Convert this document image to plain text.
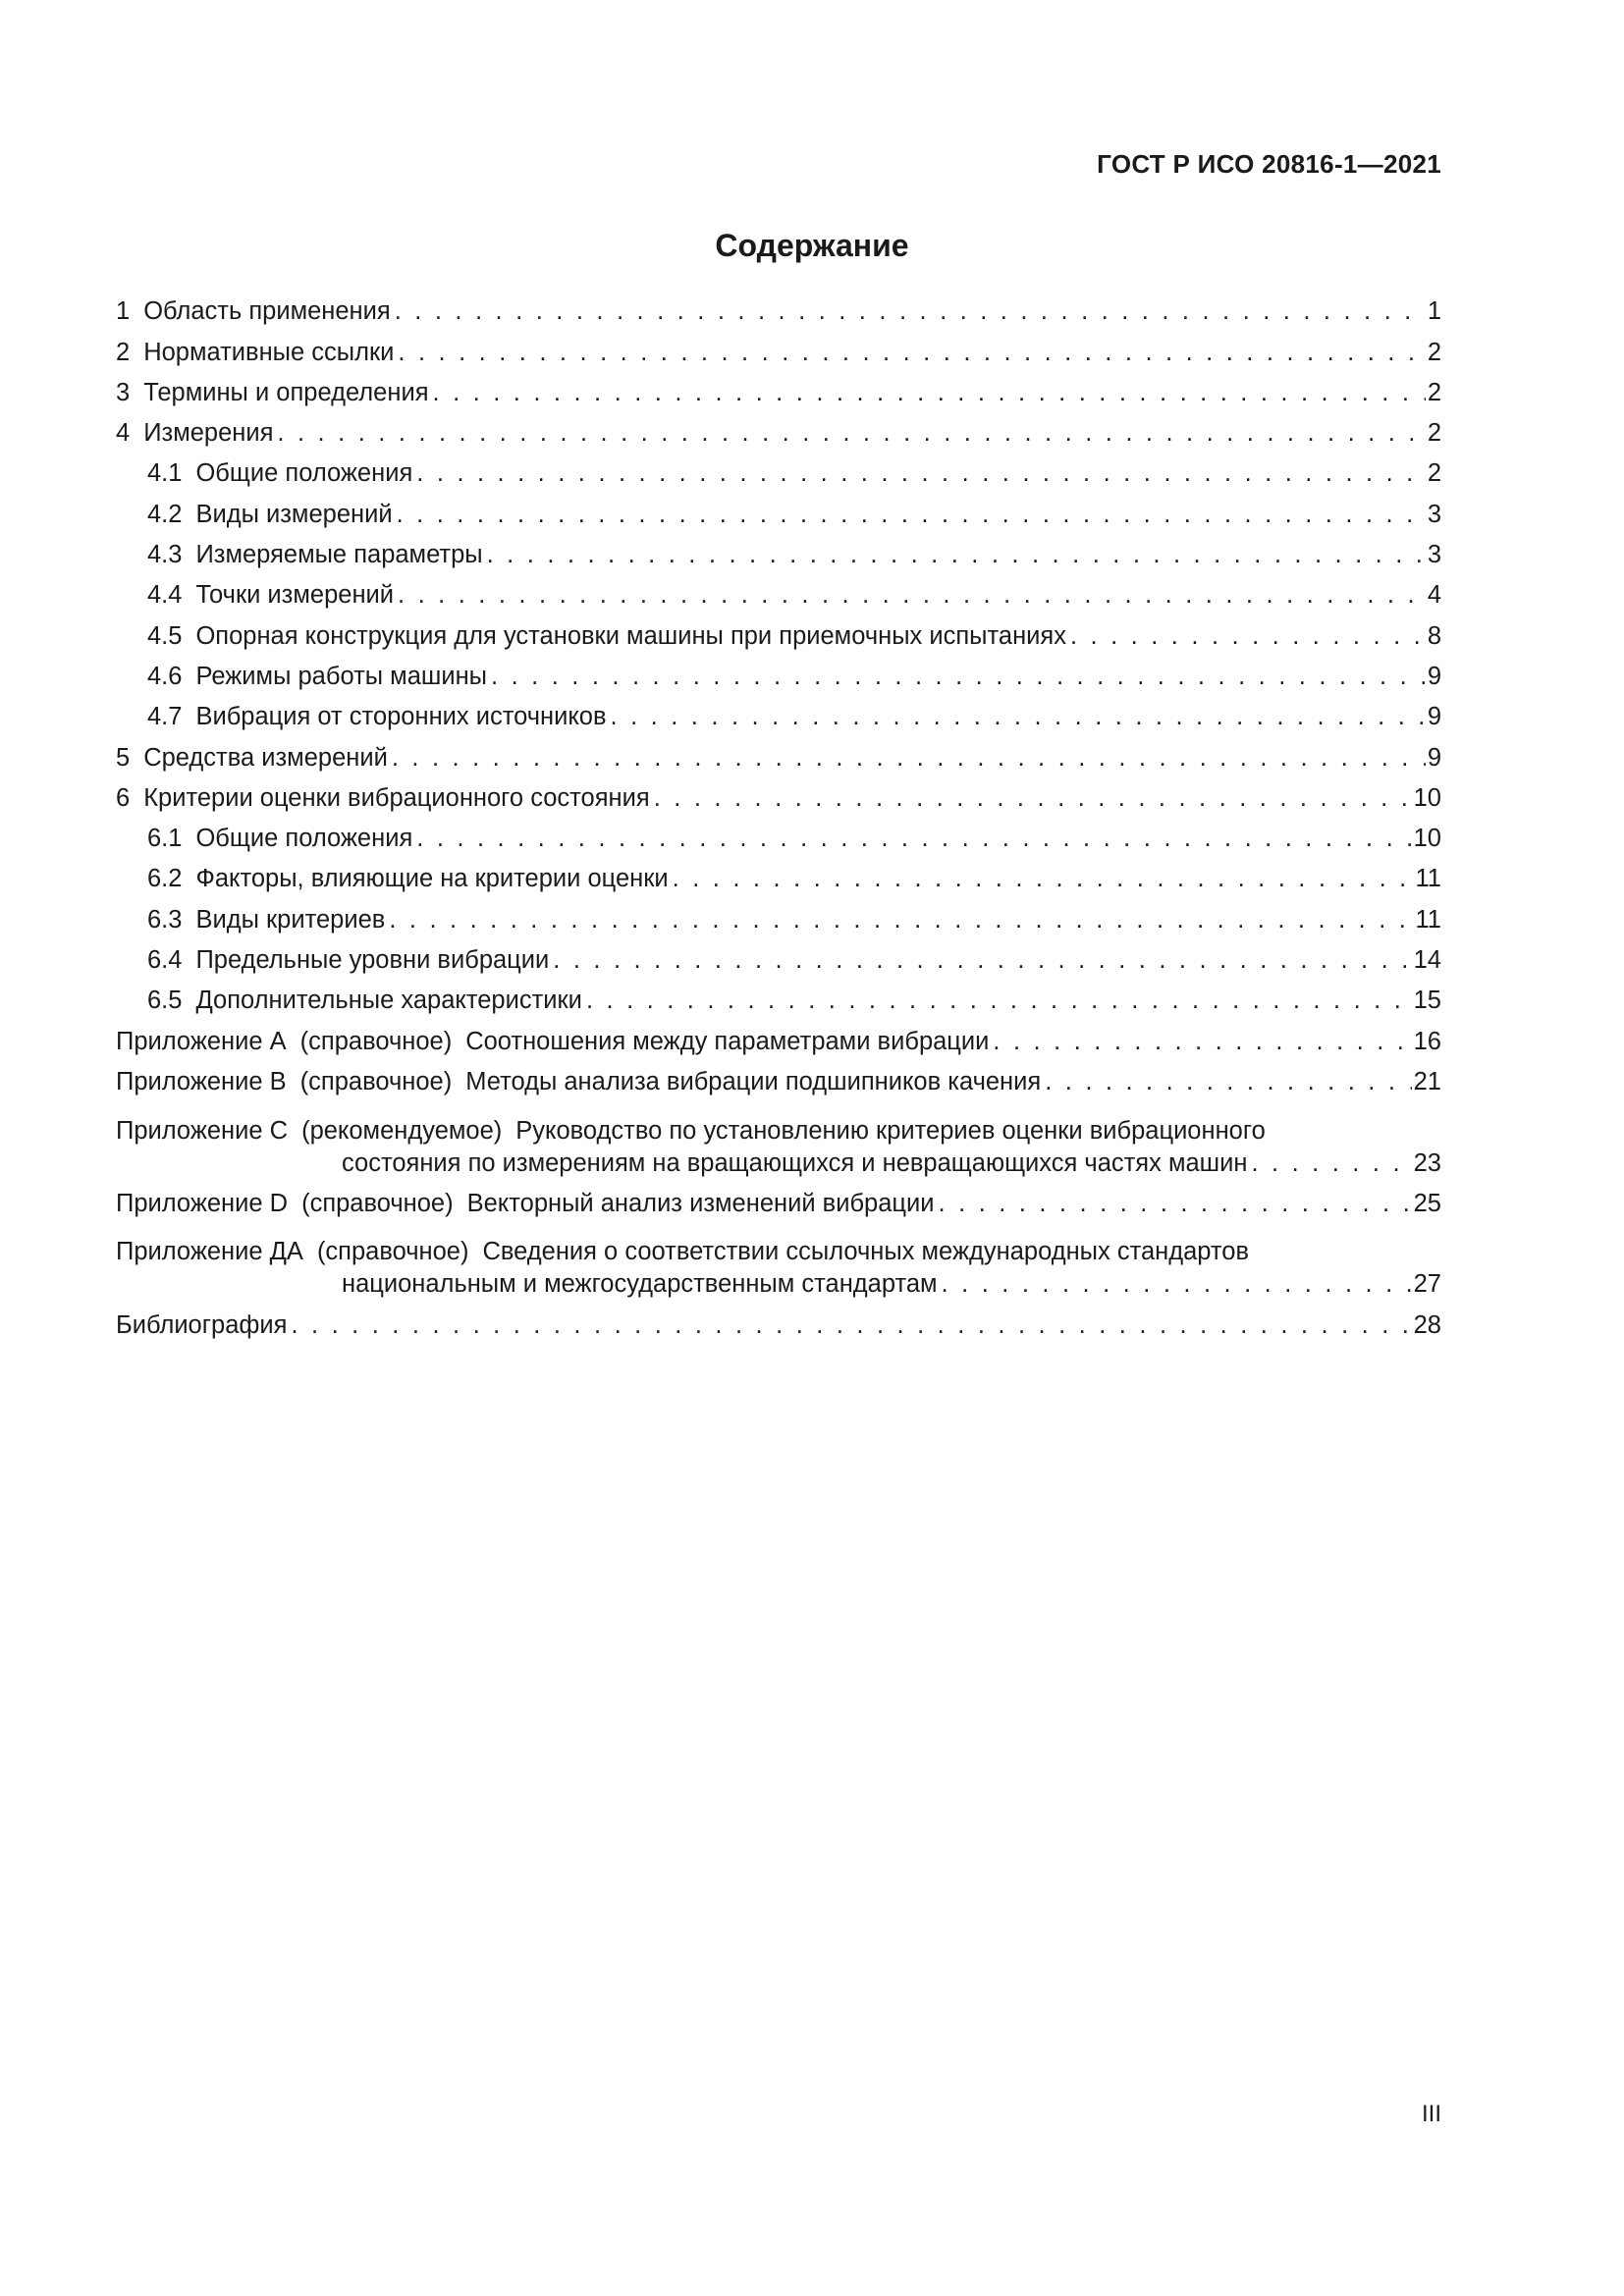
ГОСТ Р ИСО 20816-1—2021
Содержание
1 Область применения . . .	1
2 Нормативные ссылки . . .	2
3 Термины и определения . . .	2
4 Измерения . . .	2
4.1 Общие положения . . .	2
4.2 Виды измерений . . .	3
4.3 Измеряемые параметры . . .	3
4.4 Точки измерений . . .	4
4.5 Опорная конструкция для установки машины при приемочных испытаниях . . .	8
4.6 Режимы работы машины . . .	9
4.7 Вибрация от сторонних источников . . .	9
5 Средства измерений . . .	9
6 Критерии оценки вибрационного состояния . . .	10
6.1 Общие положения . . .	10
6.2 Факторы, влияющие на критерии оценки . . .	11
6.3 Виды критериев . . .	11
6.4 Предельные уровни вибрации . . .	14
6.5 Дополнительные характеристики . . .	15
Приложение А (справочное) Соотношения между параметрами вибрации . . .	16
Приложение В (справочное) Методы анализа вибрации подшипников качения . . .	21
Приложение С (рекомендуемое) Руководство по установлению критериев оценки вибрационного
состояния по измерениям на вращающихся и невращающихся частях машин . . .	23
Приложение D (справочное) Векторный анализ изменений вибрации . . .	25
Приложение ДА (справочное) Сведения о соответствии ссылочных международных стандартов
национальным и межгосударственным стандартам . . .	27
Библиография . . .	28
III
